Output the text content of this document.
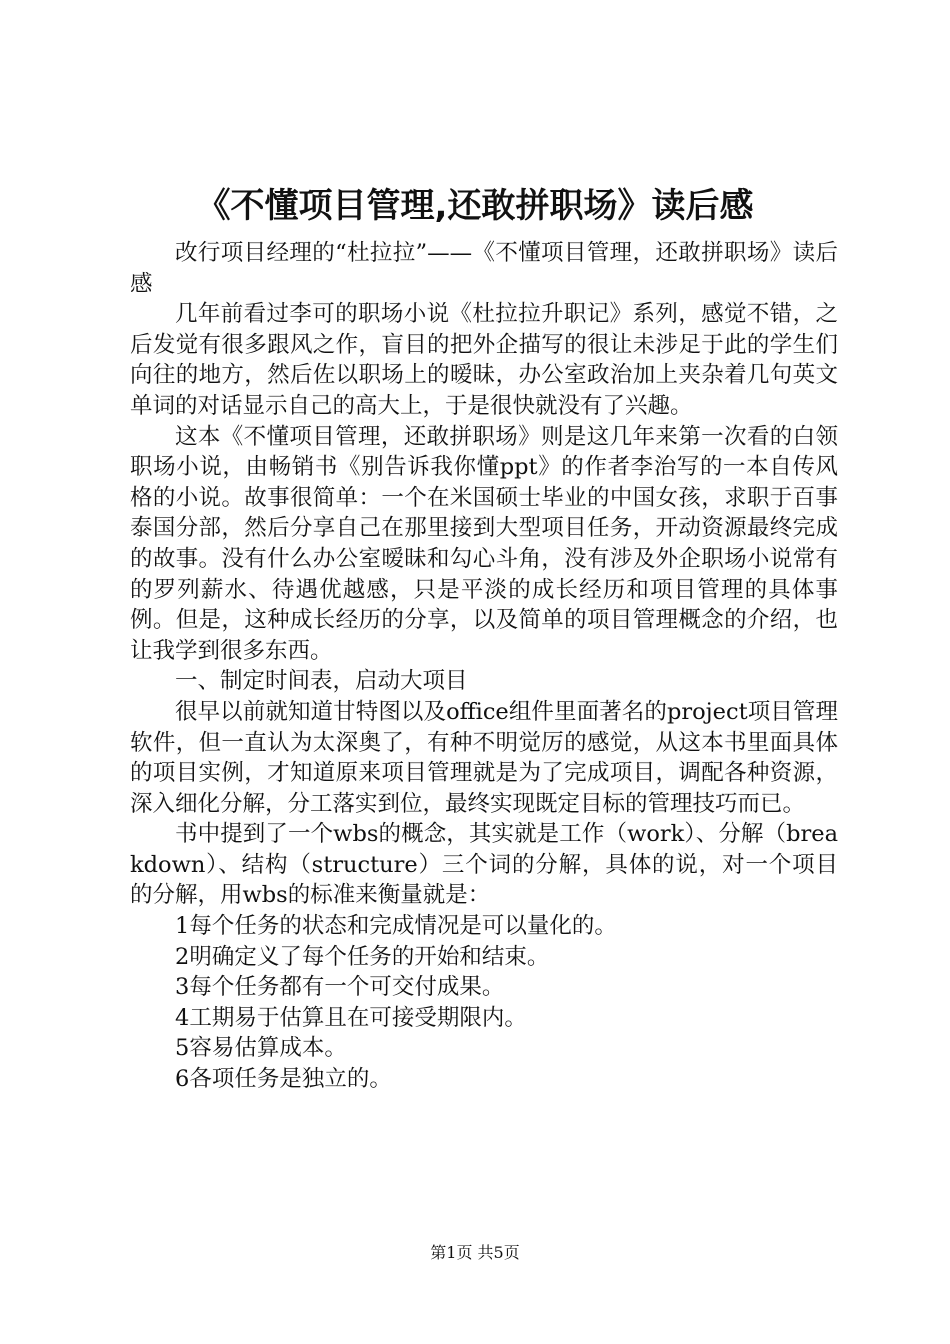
《不懂项目管理,还敢拼职场》读后感

改行项目经理的“杜拉拉”——《不懂项目管理，还敢拼职场》读后感

几年前看过李可的职场小说《杜拉拉升职记》系列，感觉不错，之后发觉有很多跟风之作，盲目的把外企描写的很让未涉足于此的学生们向往的地方，然后佐以职场上的暧昧，办公室政治加上夹杂着几句英文单词的对话显示自己的高大上，于是很快就没有了兴趣。

这本《不懂项目管理，还敢拼职场》则是这几年来第一次看的白领职场小说，由畅销书《别告诉我你懂ppt》的作者李治写的一本自传风格的小说。故事很简单：一个在米国硕士毕业的中国女孩，求职于百事泰国分部，然后分享自己在那里接到大型项目任务，开动资源最终完成的故事。没有什么办公室暧昧和勾心斗角，没有涉及外企职场小说常有的罗列薪水、待遇优越感，只是平淡的成长经历和项目管理的具体事例。但是，这种成长经历的分享，以及简单的项目管理概念的介绍，也让我学到很多东西。

一、制定时间表，启动大项目

很早以前就知道甘特图以及office组件里面著名的project项目管理软件，但一直认为太深奥了，有种不明觉厉的感觉，从这本书里面具体的项目实例，才知道原来项目管理就是为了完成项目，调配各种资源，深入细化分解，分工落实到位，最终实现既定目标的管理技巧而已。

书中提到了一个wbs的概念，其实就是工作（work）、分解（breakdown）、结构（structure）三个词的分解，具体的说，对一个项目的分解，用wbs的标准来衡量就是：

1每个任务的状态和完成情况是可以量化的。

2明确定义了每个任务的开始和结束。

3每个任务都有一个可交付成果。

4工期易于估算且在可接受期限内。

5容易估算成本。

6各项任务是独立的。

第1页 共5页
